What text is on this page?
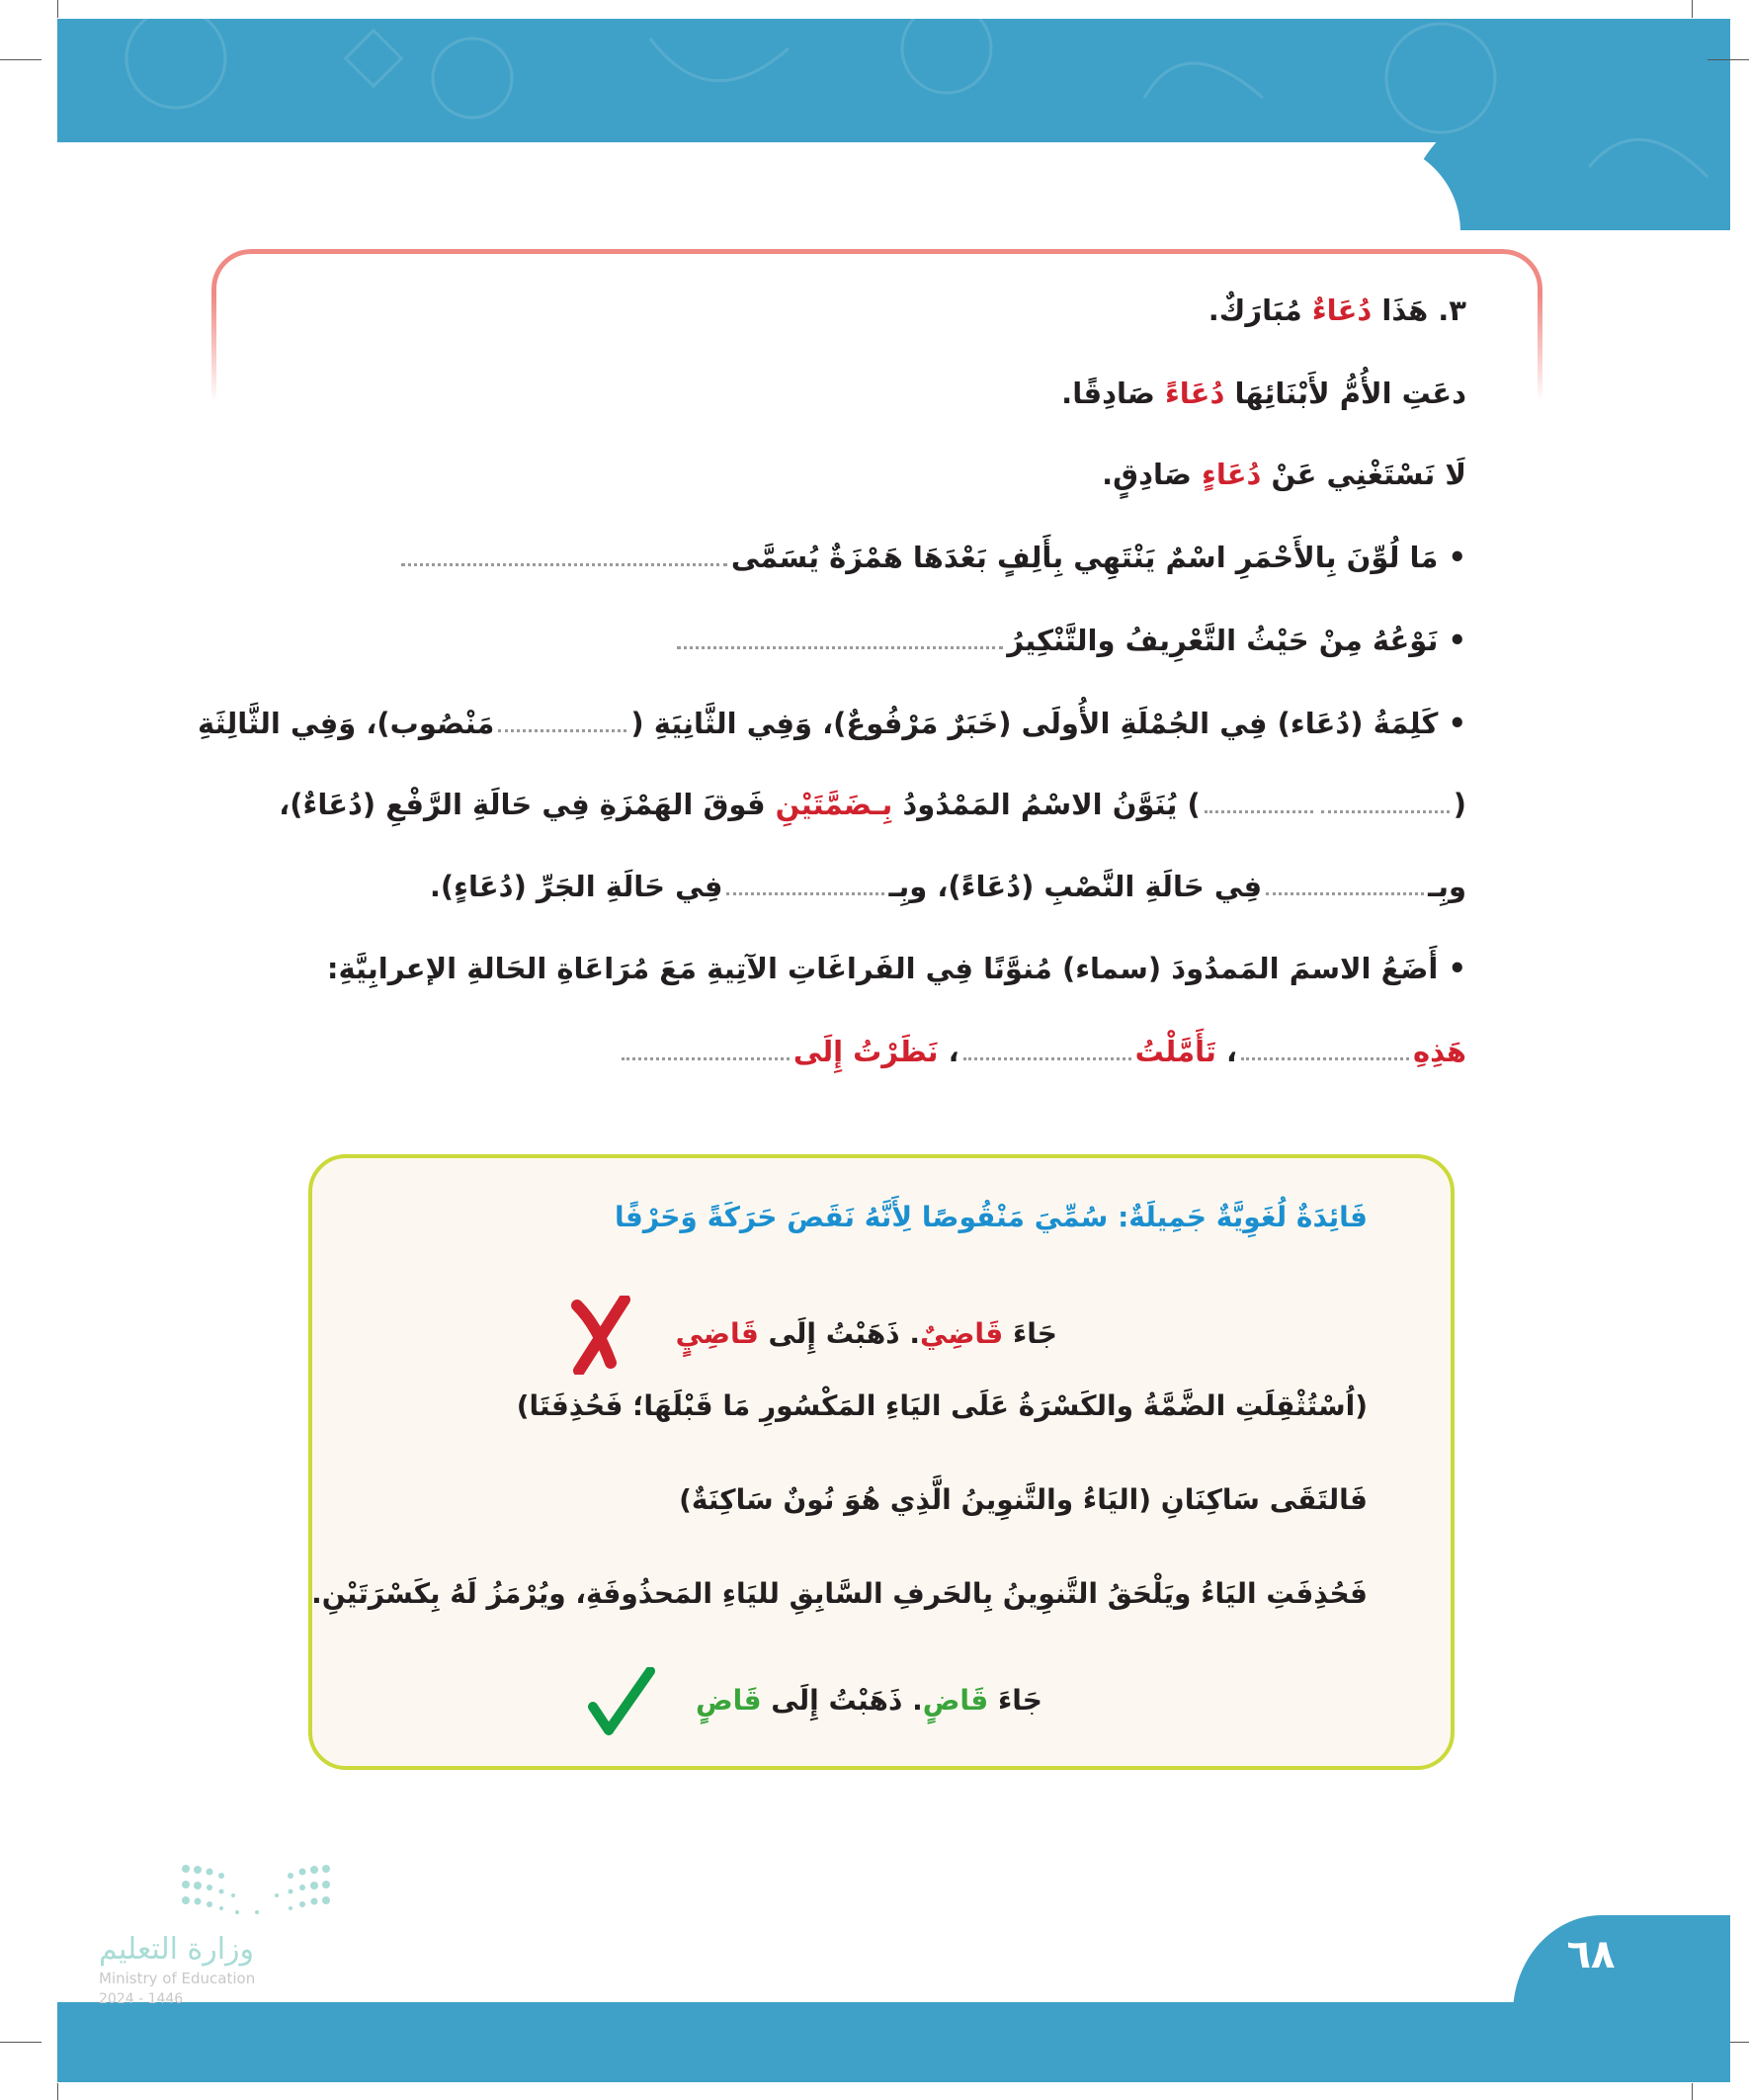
٣. هَذَا دُعَاءٌ مُبَارَكٌ.
دعَتِ الأُمُّ لأَبْنَائِهَا دُعَاءً صَادِقًا.
لَا نَسْتَغْنِي عَنْ دُعَاءٍ صَادِقٍ.
• مَا لُوِّنَ بِالأَحْمَرِ اسْمٌ يَنْتَهِي بِأَلِفٍ بَعْدَهَا هَمْزَةٌ يُسَمَّى
• نَوْعُهُ مِنْ حَيْثُ التَّعْرِيفُ والتَّنْكِيرُ
• كَلِمَةُ (دُعَاء) فِي الجُمْلَةِ الأُولَى (خَبَرٌ مَرْفُوعٌ)، وَفِي الثَّانِيَةِ (مَنْصُوب)، وَفِي الثَّالِثَةِ
() يُنَوَّنُ الاسْمُ المَمْدُودُ بِـضَمَّتَيْنِ فَوقَ الهَمْزَةِ فِي حَالَةِ الرَّفْعِ (دُعَاءٌ)،
وبِـفِي حَالَةِ النَّصْبِ (دُعَاءً)، وبِـفِي حَالَةِ الجَرِّ (دُعَاءٍ).
• أَضَعُ الاسمَ المَمدُودَ (سماء) مُنوَّنًا فِي الفَراغَاتِ الآتِيةِ مَعَ مُرَاعَاةِ الحَالةِ الإعرابِيَّةِ:
هَذِهِ، تَأَمَّلْتُ، نَظَرْتُ إِلَى
فَائِدَةٌ لُغَوِيَّةٌ جَمِيلَةٌ: سُمِّيَ مَنْقُوصًا لِأَنَّهُ نَقَصَ حَرَكَةً وَحَرْفًا
جَاءَ قَاضِيٌ. ذَهَبْتُ إِلَى قَاضِيٍ
(اُسْتُثْقِلَتِ الضَّمَّةُ والكَسْرَةُ عَلَى اليَاءِ المَكْسُورِ مَا قَبْلَهَا؛ فَحُذِفَتَا)
فَالتَقَى سَاكِنَانِ (اليَاءُ والتَّنوِينُ الَّذِي هُوَ نُونٌ سَاكِنَةٌ)
فَحُذِفَتِ اليَاءُ ويَلْحَقُ التَّنوِينُ بِالحَرفِ السَّابِقِ لليَاءِ المَحذُوفَةِ، ويُرْمَزُ لَهُ بِكَسْرَتَيْنِ.
جَاءَ قَاضٍ. ذَهَبْتُ إِلَى قَاضٍ
٦٨
وزارة التعليم
Ministry of Education
2024 - 1446
